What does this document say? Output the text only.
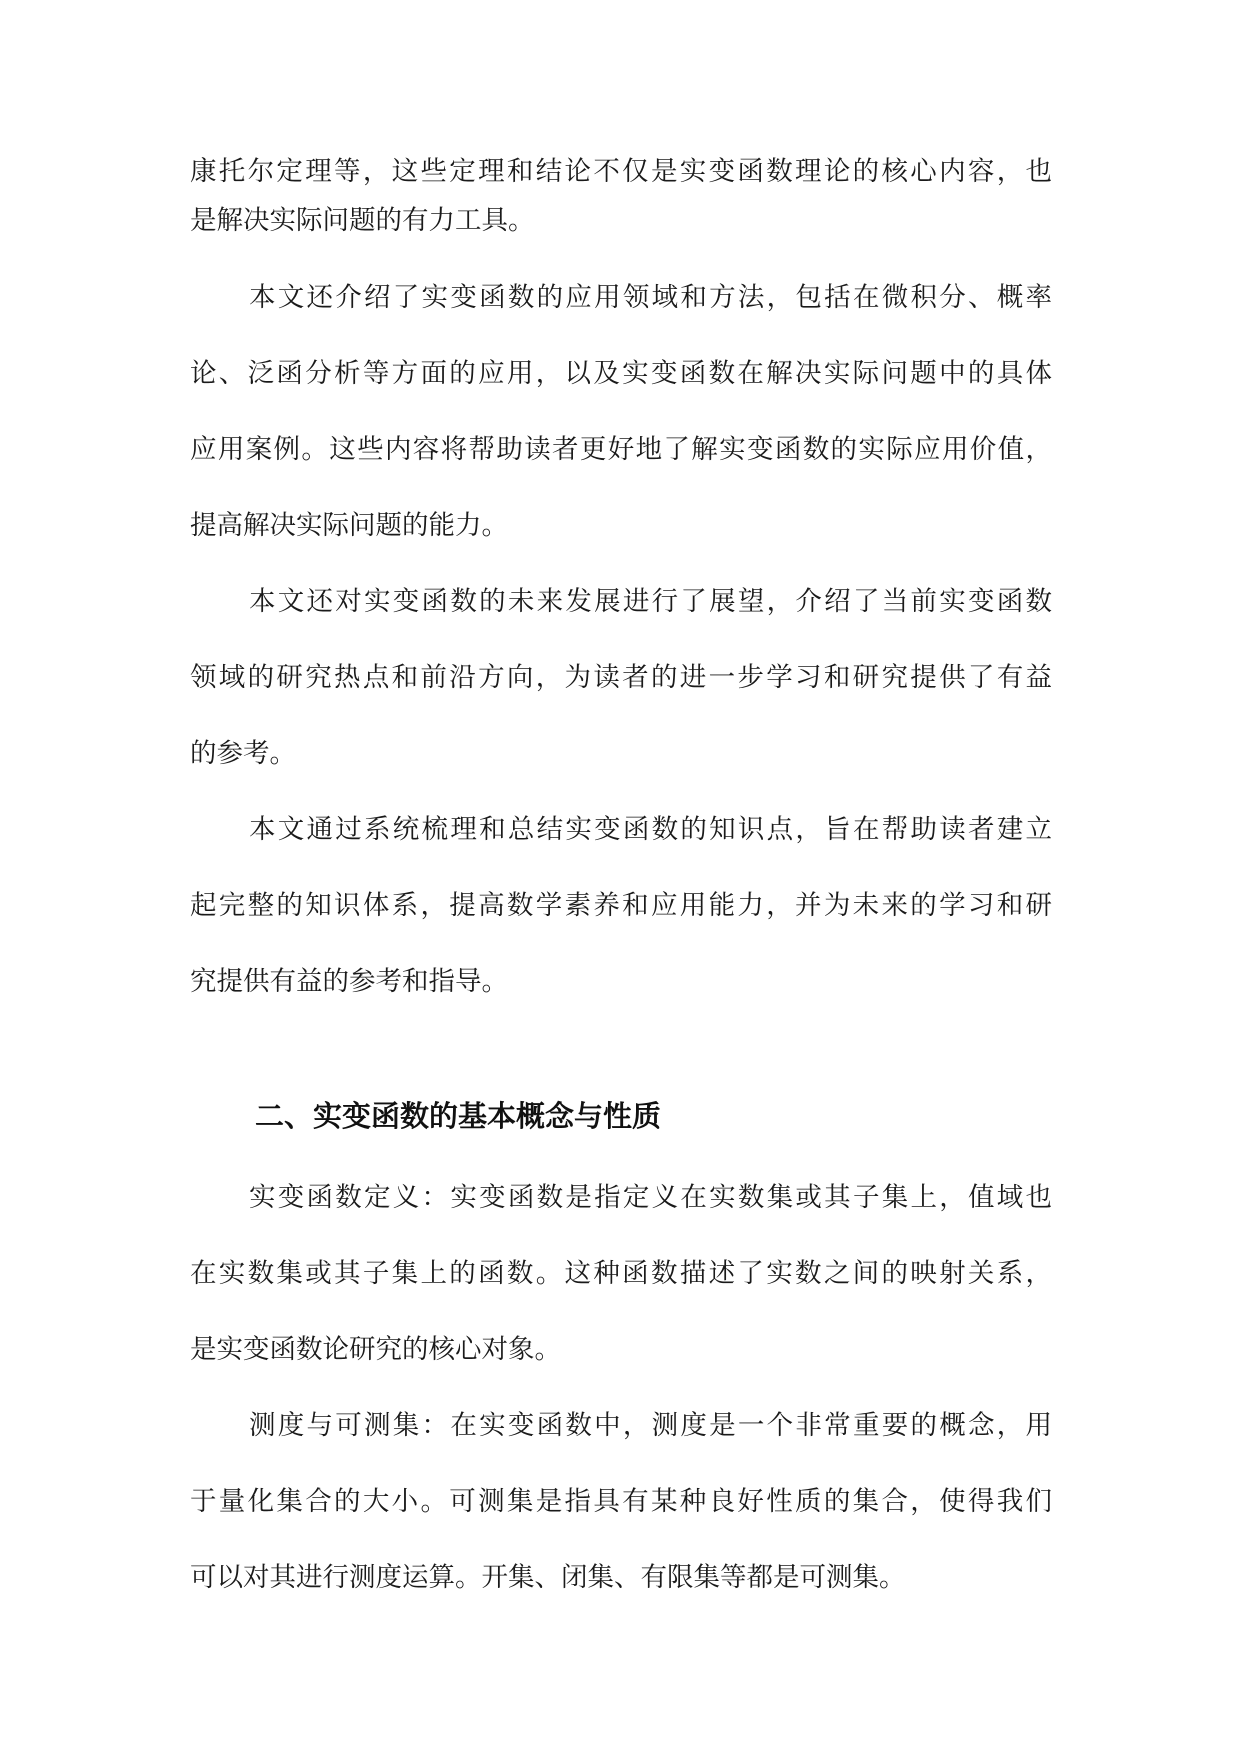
康托尔定理等，这些定理和结论不仅是实变函数理论的核心内容，也
是解决实际问题的有力工具。
本文还介绍了实变函数的应用领域和方法，包括在微积分、概率
论、泛函分析等方面的应用，以及实变函数在解决实际问题中的具体
应用案例。这些内容将帮助读者更好地了解实变函数的实际应用价值，
提高解决实际问题的能力。
本文还对实变函数的未来发展进行了展望，介绍了当前实变函数
领域的研究热点和前沿方向，为读者的进一步学习和研究提供了有益
的参考。
本文通过系统梳理和总结实变函数的知识点，旨在帮助读者建立
起完整的知识体系，提高数学素养和应用能力，并为未来的学习和研
究提供有益的参考和指导。
二、实变函数的基本概念与性质
实变函数定义：实变函数是指定义在实数集或其子集上，值域也
在实数集或其子集上的函数。这种函数描述了实数之间的映射关系，
是实变函数论研究的核心对象。
测度与可测集：在实变函数中，测度是一个非常重要的概念，用
于量化集合的大小。可测集是指具有某种良好性质的集合，使得我们
可以对其进行测度运算。开集、闭集、有限集等都是可测集。
